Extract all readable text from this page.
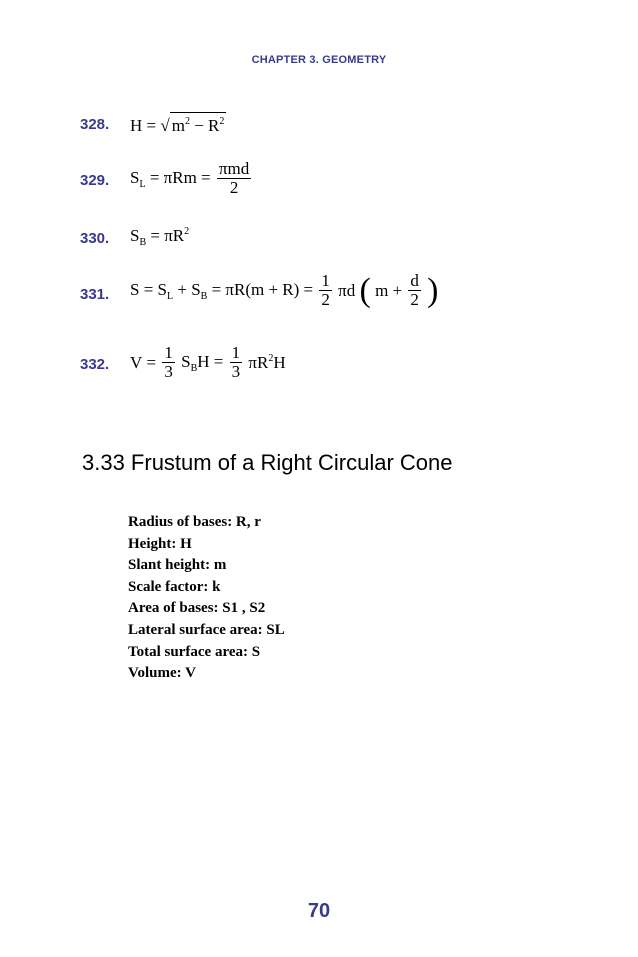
CHAPTER 3. GEOMETRY
328. H = √ m2 − R2
329. SL = $\pi Rm = \frac{\text{πmd}}{2}$
330. SB = πR2
331. S = SL + SB = $\pi R(m + R) = \frac{1}{2}$ πd ( $m + \frac{d}{2}$ )
332. $V = \frac{1}{3}$ SBH = $\frac{1}{3} \pi R2H$
3.33 Frustum of a Right Circular Cone
Radius of bases: R, r
Height: H
Slant height: m
Scale factor: k
Area of bases: S1 , S2
Lateral surface area: SL
Total surface area: S
Volume: V
70
